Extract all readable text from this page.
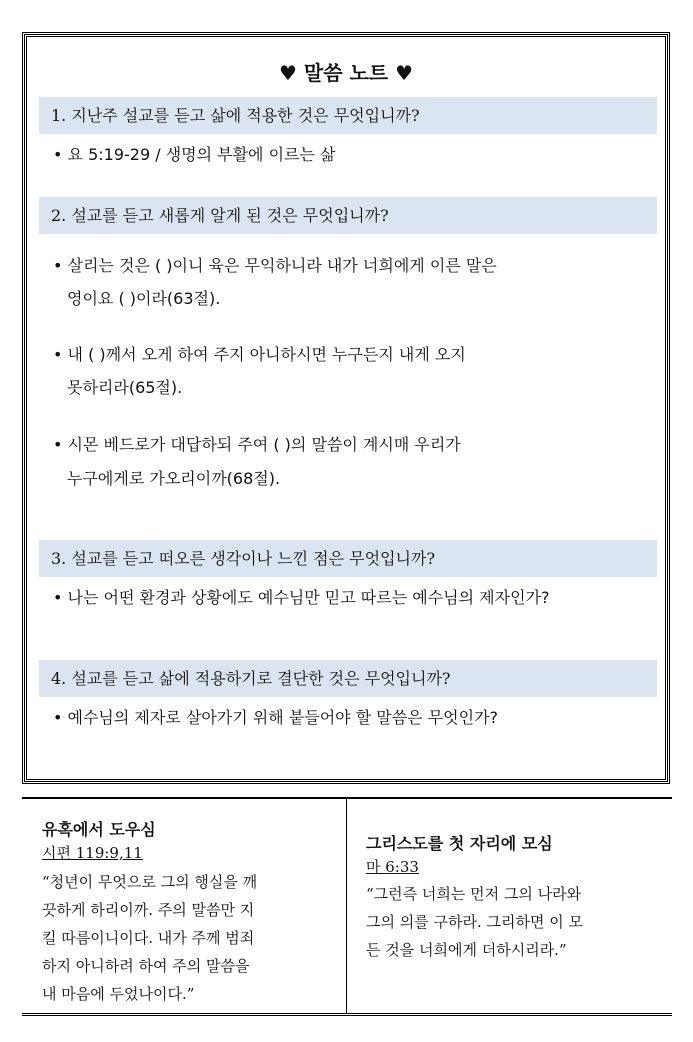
♥ 말씀 노트 ♥
1. 지난주 설교를 듣고 삶에 적용한 것은 무엇입니까?
• 요 5:19-29 / 생명의 부활에 이르는 삶
2. 설교를 듣고 새롭게 알게 된 것은 무엇입니까?
• 살리는 것은 ( )이니 육은 무익하니라 내가 너희에게 이른 말은
영이요 ( )이라(63절).
• 내 ( )께서 오게 하여 주지 아니하시면 누구든지 내게 오지
못하리라(65절).
• 시몬 베드로가 대답하되 주여 ( )의 말씀이 계시매 우리가
누구에게로 가오리이까(68절).
3. 설교를 듣고 떠오른 생각이나 느낀 점은 무엇입니까?
• 나는 어떤 환경과 상황에도 예수님만 믿고 따르는 예수님의 제자인가?
4. 설교를 듣고 삶에 적용하기로 결단한 것은 무엇입니까?
• 예수님의 제자로 살아가기 위해 붙들어야 할 말씀은 무엇인가?
유혹에서 도우심
시편 119:9,11
“청년이 무엇으로 그의 행실을 깨
끗하게 하리이까. 주의 말씀만 지
킬 따름이니이다. 내가 주께 범죄
하지 아니하려 하여 주의 말씀을
내 마음에 두었나이다.”
그리스도를 첫 자리에 모심
마 6:33
“그런즉 너희는 먼저 그의 나라와
그의 의를 구하라. 그리하면 이 모
든 것을 너희에게 더하시리라.”
